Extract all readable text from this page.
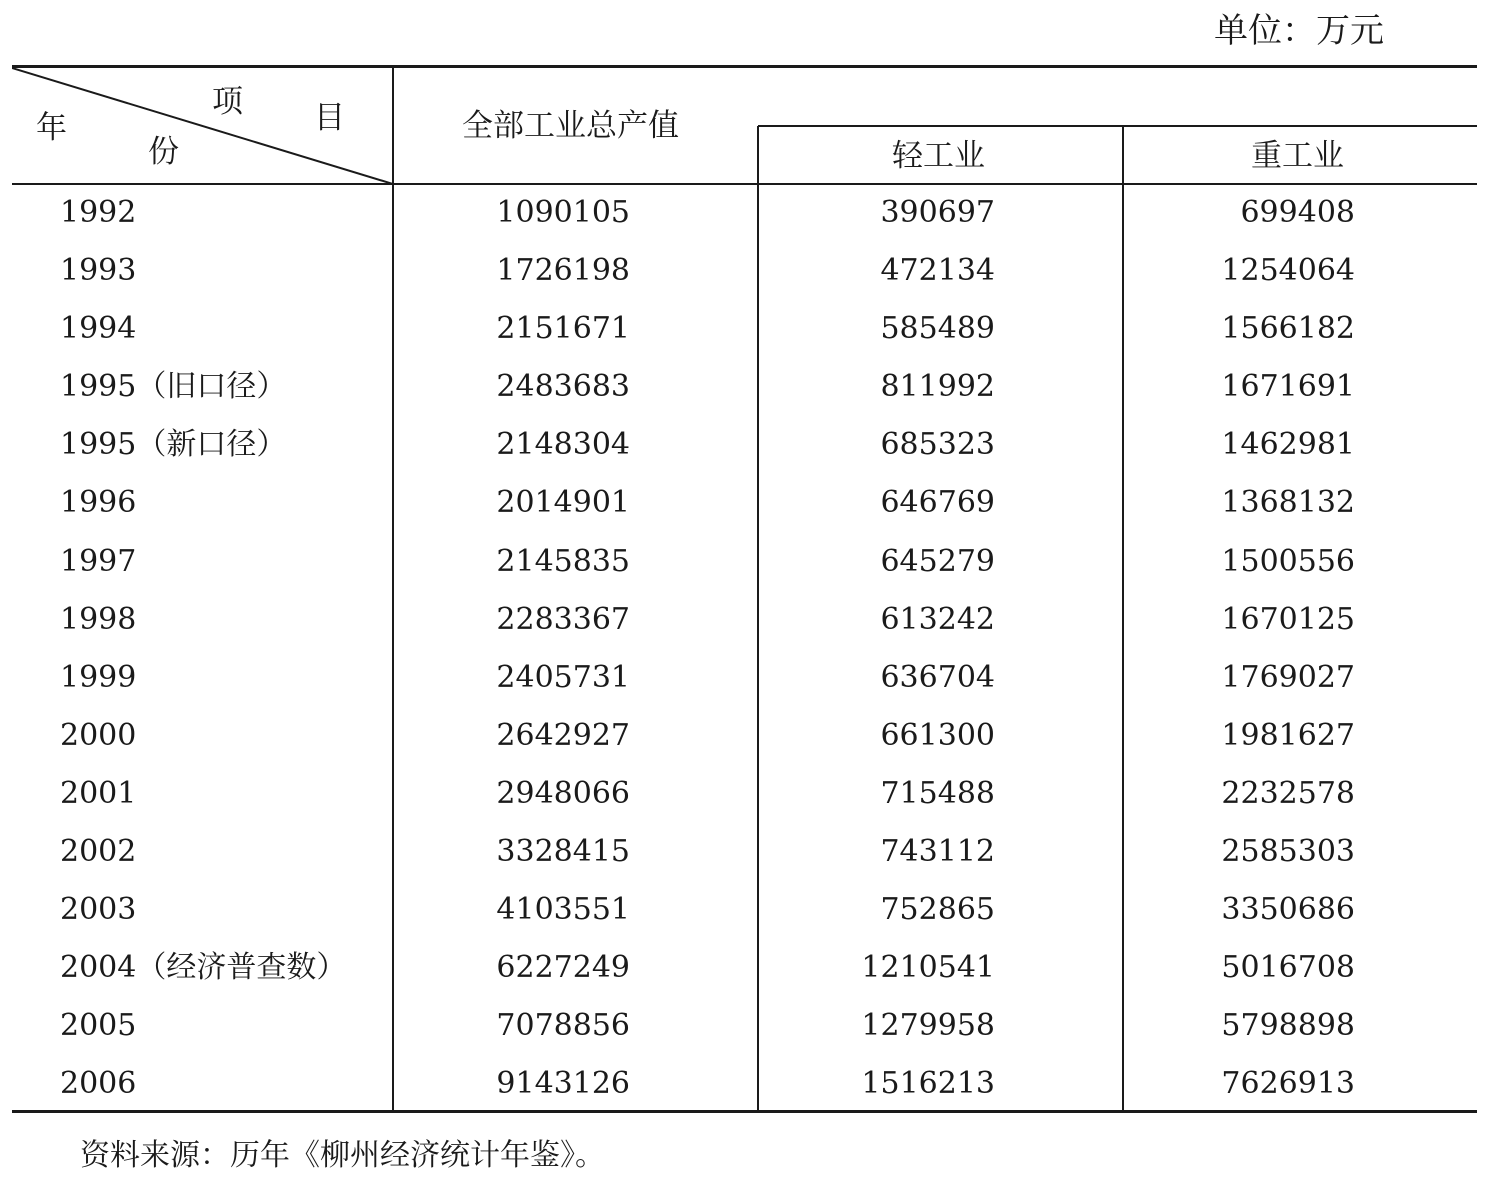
单位：万元
项 目
年
份
全部工业总产值
轻工业	重工业
1992	1090105	390697	699408
1993	1726198	472134	1254064
1994	2151671	585489	1566182
1995（旧口径）	2483683	811992	1671691
1995（新口径）	2148304	685323	1462981
1996	2014901	646769	1368132
1997	2145835	645279	1500556
1998	2283367	613242	1670125
1999	2405731	636704	1769027
2000	2642927	661300	1981627
2001	2948066	715488	2232578
2002	3328415	743112	2585303
2003	4103551	752865	3350686
2004（经济普查数）	6227249	1210541	5016708
2005	7078856	1279958	5798898
2006	9143126	1516213	7626913
资料来源：历年《柳州经济统计年鉴》。
